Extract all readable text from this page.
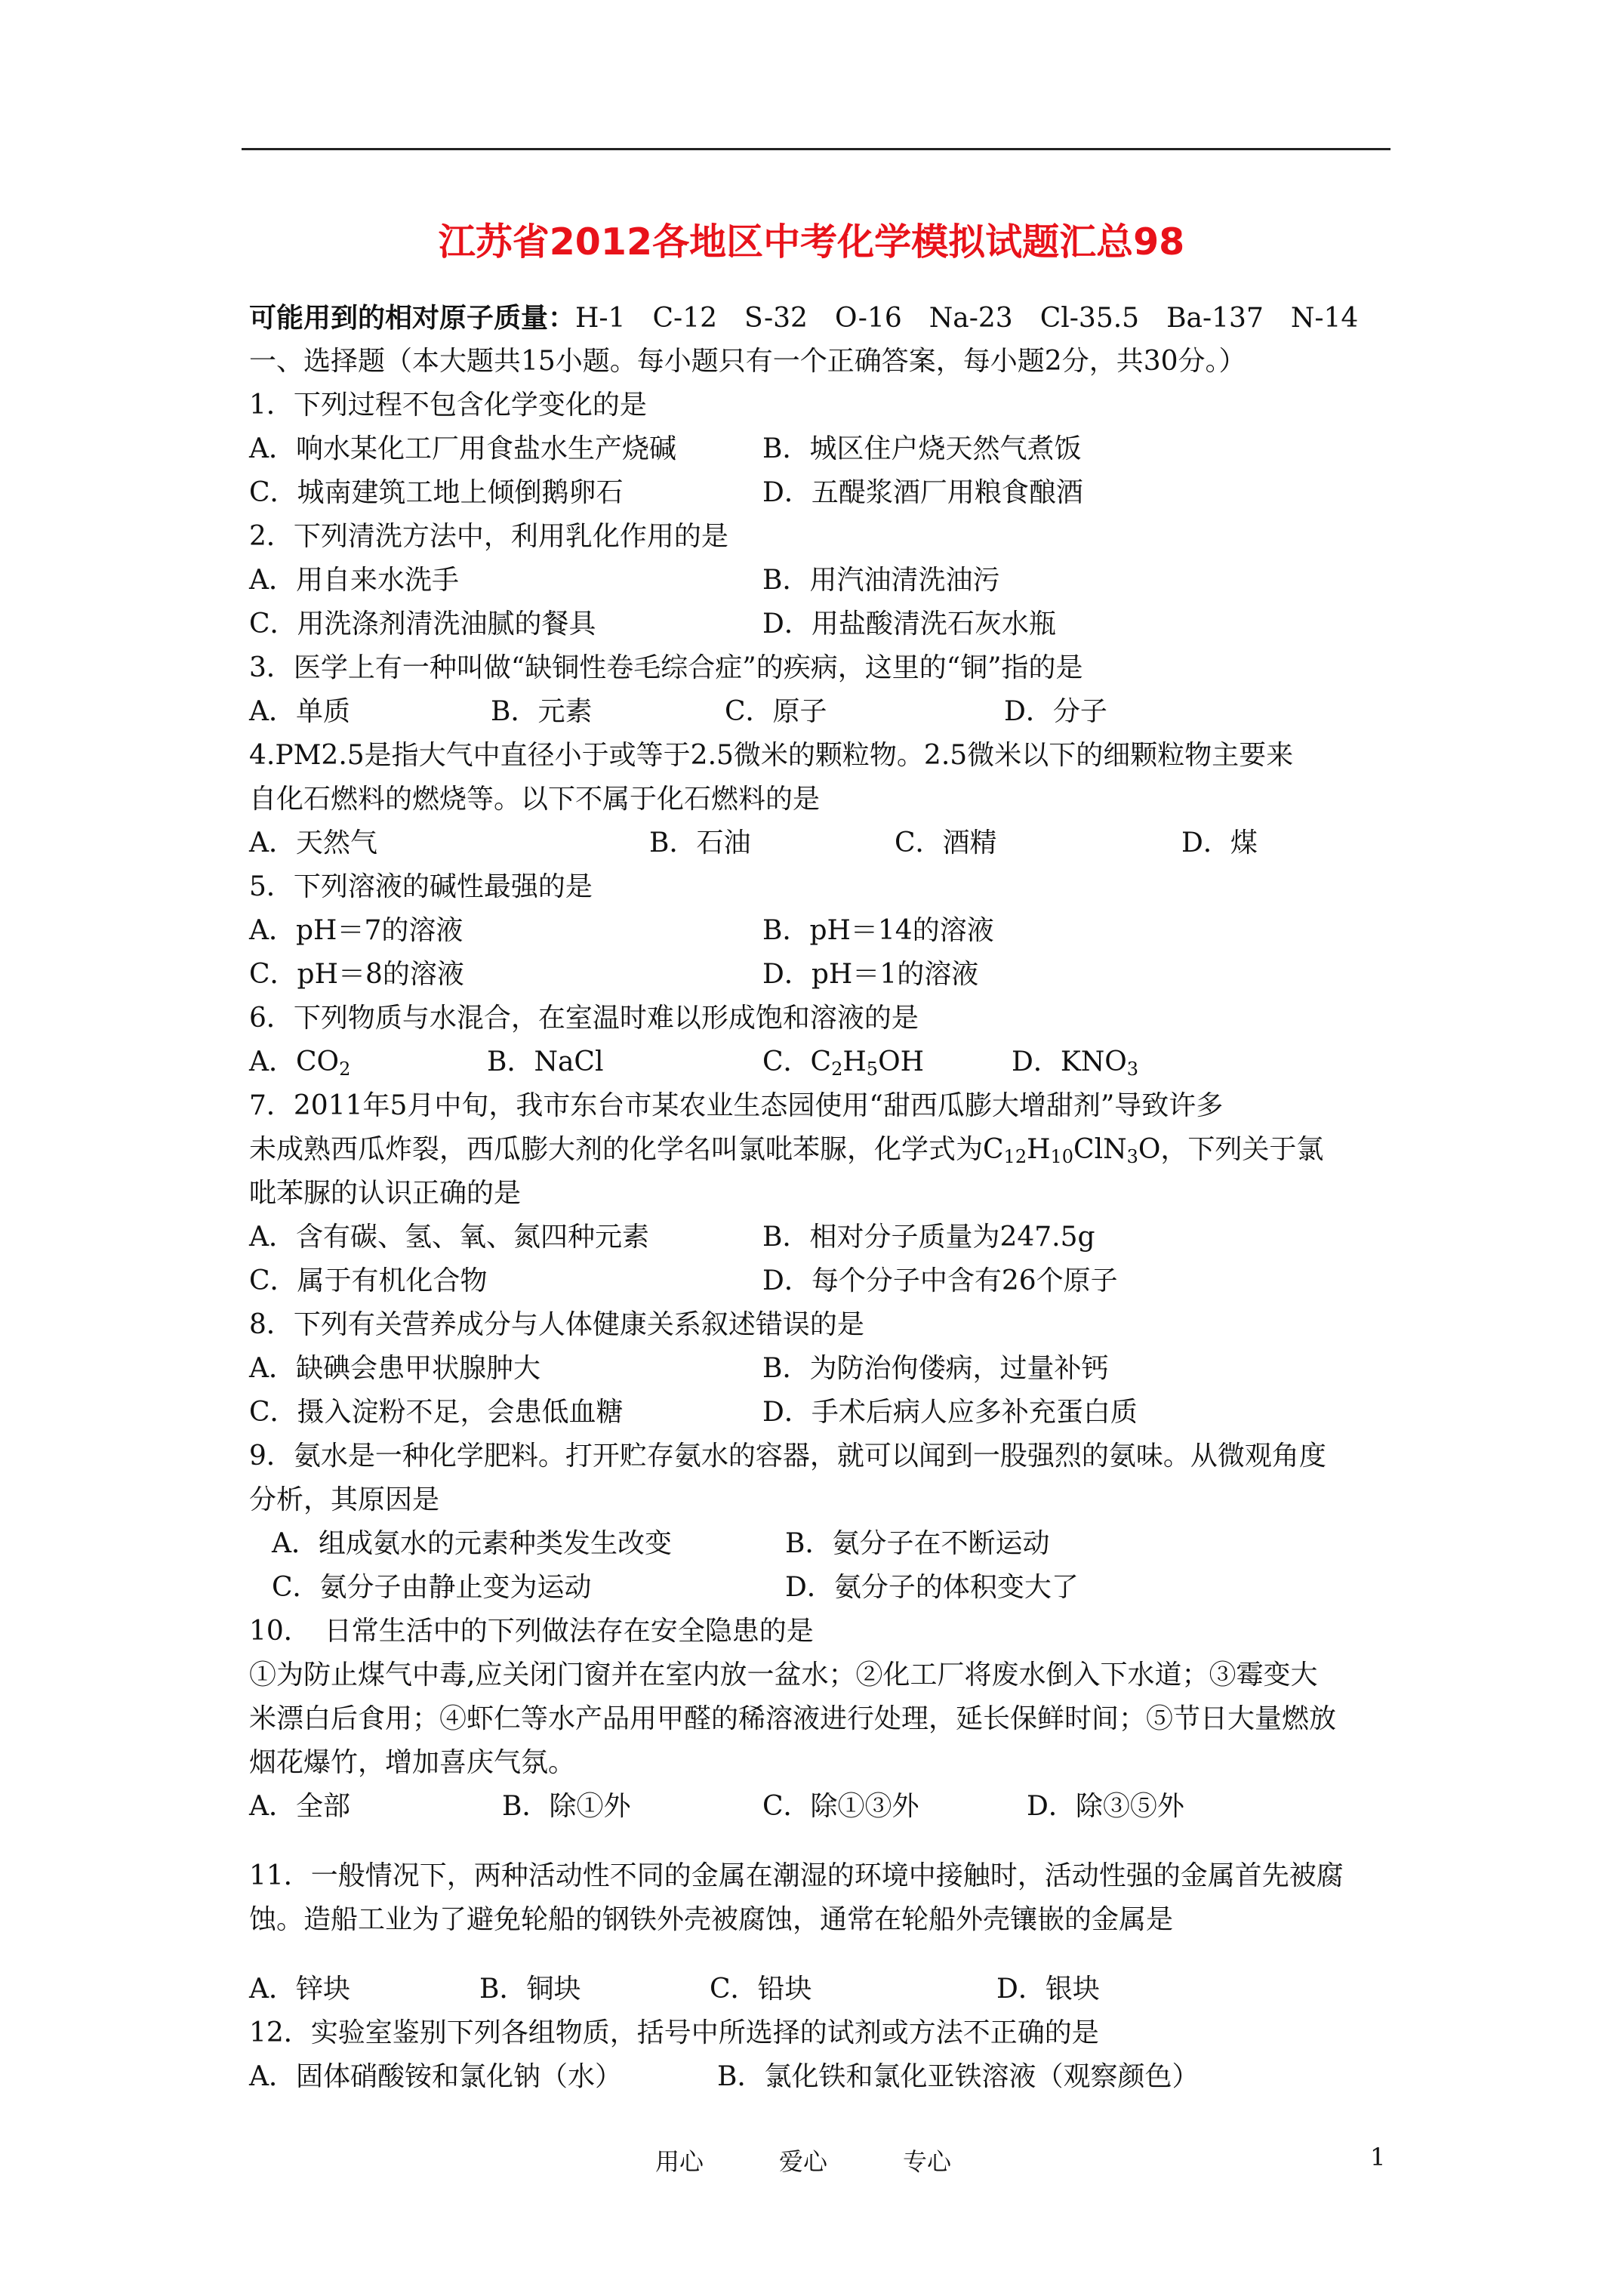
江苏省2012各地区中考化学模拟试题汇总98
可能用到的相对原子质量：H-1　C-12　S-32　O-16　Na-23　Cl-35.5　Ba-137　N-14
一、选择题（本大题共15小题。每小题只有一个正确答案，每小题2分，共30分。）
1．下列过程不包含化学变化的是
A．响水某化工厂用食盐水生产烧碱	B．城区住户烧天然气煮饭
C．城南建筑工地上倾倒鹅卵石	D．五醍浆酒厂用粮食酿酒
2．下列清洗方法中，利用乳化作用的是
A．用自来水洗手	B．用汽油清洗油污
C．用洗涤剂清洗油腻的餐具	D．用盐酸清洗石灰水瓶
3．医学上有一种叫做“缺铜性卷毛综合症”的疾病，这里的“铜”指的是
A．单质	B．元素	C．原子	D．分子
4.PM2.5是指大气中直径小于或等于2.5微米的颗粒物。2.5微米以下的细颗粒物主要来
自化石燃料的燃烧等。以下不属于化石燃料的是
A．天然气	B．石油	C．酒精	D．煤
5．下列溶液的碱性最强的是
A．pH＝7的溶液	B．pH＝14的溶液
C．pH＝8的溶液	D．pH＝1的溶液
6．下列物质与水混合，在室温时难以形成饱和溶液的是
A．$CO_2$	B．NaCl	C．$C_2H_5OH$	D．$KNO_3$
7．2011年5月中旬，我市东台市某农业生态园使用“甜西瓜膨大增甜剂”导致许多
未成熟西瓜炸裂，西瓜膨大剂的化学名叫氯吡苯脲，化学式为$C_{12}H_{10}ClN_3O$，下列关于氯
吡苯脲的认识正确的是
A．含有碳、氢、氧、氮四种元素	B．相对分子质量为247.5g
C．属于有机化合物	D．每个分子中含有26个原子
8．下列有关营养成分与人体健康关系叙述错误的是
A．缺碘会患甲状腺肿大	B．为防治佝偻病，过量补钙
C．摄入淀粉不足，会患低血糖	D．手术后病人应多补充蛋白质
9．氨水是一种化学肥料。打开贮存氨水的容器，就可以闻到一股强烈的氨味。从微观角度
分析，其原因是
A．组成氨水的元素种类发生改变	B．氨分子在不断运动
C．氨分子由静止变为运动	D．氨分子的体积变大了
10．　日常生活中的下列做法存在安全隐患的是
①为防止煤气中毒,应关闭门窗并在室内放一盆水；②化工厂将废水倒入下水道；③霉变大
米漂白后食用；④虾仁等水产品用甲醛的稀溶液进行处理，延长保鲜时间；⑤节日大量燃放
烟花爆竹，增加喜庆气氛。
A．全部	B．除①外	C．除①③外	D．除③⑤外
11．一般情况下，两种活动性不同的金属在潮湿的环境中接触时，活动性强的金属首先被腐
蚀。造船工业为了避免轮船的钢铁外壳被腐蚀，通常在轮船外壳镶嵌的金属是
A．锌块	B．铜块	C．铅块	D．银块
12．实验室鉴别下列各组物质，括号中所选择的试剂或方法不正确的是
A．固体硝酸铵和氯化钠（水）	B．氯化铁和氯化亚铁溶液（观察颜色）
用心	爱心	专心	1
